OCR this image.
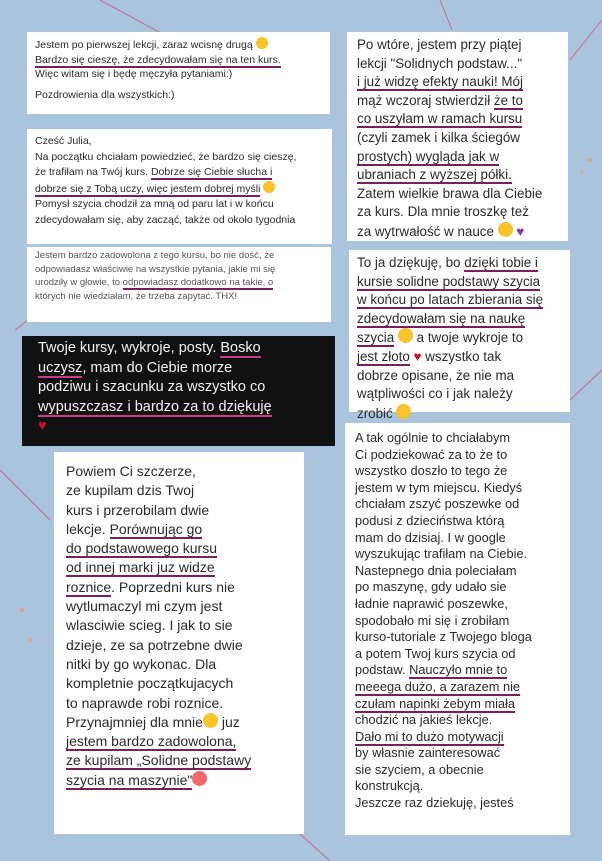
Jestem po pierwszej lekcji, zaraz wcisnę drugą

Bardzo się cieszę, że zdecydowałam się na ten kurs.

Więc witam się i będę męczyła pytaniami:)

Pozdrowienia dla wszystkich:)

Cześć Julia,

Na początku chciałam powiedzieć, że bardzo się cieszę,

że trafiłam na Twój kurs. Dobrze się Ciebie słucha i

dobrze się z Tobą uczy, więc jestem dobrej myśli

Pomysł szycia chodził za mną od paru lat i w końcu

zdecydowałam się, aby zacząć, także od około tygodnia

Jestem bardzo zadowolona z tego kursu, bo nie dość, że

odpowiadasz właściwie na wszystkie pytania, jakie mi się

urodziły w głowie, to odpowiadasz dodatkowo na takie, o

których nie wiedziałam, że trzeba zapytać. THX!

Twoje kursy, wykroje, posty. Bosko

uczysz, mam do Ciebie morze

podziwu i szacunku za wszystko co

wypuszczasz i bardzo za to dziękuję

♥

Powiem Ci szczerze,

ze kupilam dzis Twoj

kurs i przerobilam dwie

lekcje. Porównując go

do podstawowego kursu

od innej marki juz widze

roznice. Poprzedni kurs nie

wytlumaczyl mi czym jest

wlasciwie scieg. I jak to sie

dzieje, ze sa potrzebne dwie

nitki by go wykonac. Dla

kompletnie początkujacych

to naprawde robi roznice.

Przynajmniej dla mnie juz

jestem bardzo zadowolona,

ze kupilam „Solidne podstawy

szycia na maszynie"

Po wtóre, jestem przy piątej

lekcji "Solidnych podstaw..."

i już widzę efekty nauki! Mój

mąż wczoraj stwierdził że to

co uszyłam w ramach kursu

(czyli zamek i kilka ściegów

prostych) wygląda jak w

ubraniach z wyższej półki.

Zatem wielkie brawa dla Ciebie

za kurs. Dla mnie troszkę też

za wytrwałość w nauce ♥

To ja dziękuję, bo dzięki tobie i

kursie solidne podstawy szycia

w końcu po latach zbierania się

zdecydowałam się na naukę

szycia  a twoje wykroje to

jest złoto ♥ wszystko tak

dobrze opisane, że nie ma

wątpliwości co i jak należy

zrobić

A tak ogólnie to chciałabym

Ci podziekować za to że to

wszystko doszło to tego że

jestem w tym miejscu. Kiedyś

chciałam zszyć poszewke od

podusi z dzieciństwa którą

mam do dzisiaj. I w google

wyszukując trafiłam na Ciebie.

Nastepnego dnia poleciałam

po maszynę, gdy udało sie

ładnie naprawić poszewke,

spodobało mi się i zrobiłam

kurso-tutoriale z Twojego bloga

a potem Twoj kurs szycia od

podstaw. Nauczyło mnie to

meeega dużo, a zarazem nie

czułam napinki żebym miała

chodzić na jakieś lekcje.

Dało mi to dużo motywacji

by własnie zainteresować

sie szyciem, a obecnie

konstrukcją.

Jeszcze raz dziekuję, jesteś
